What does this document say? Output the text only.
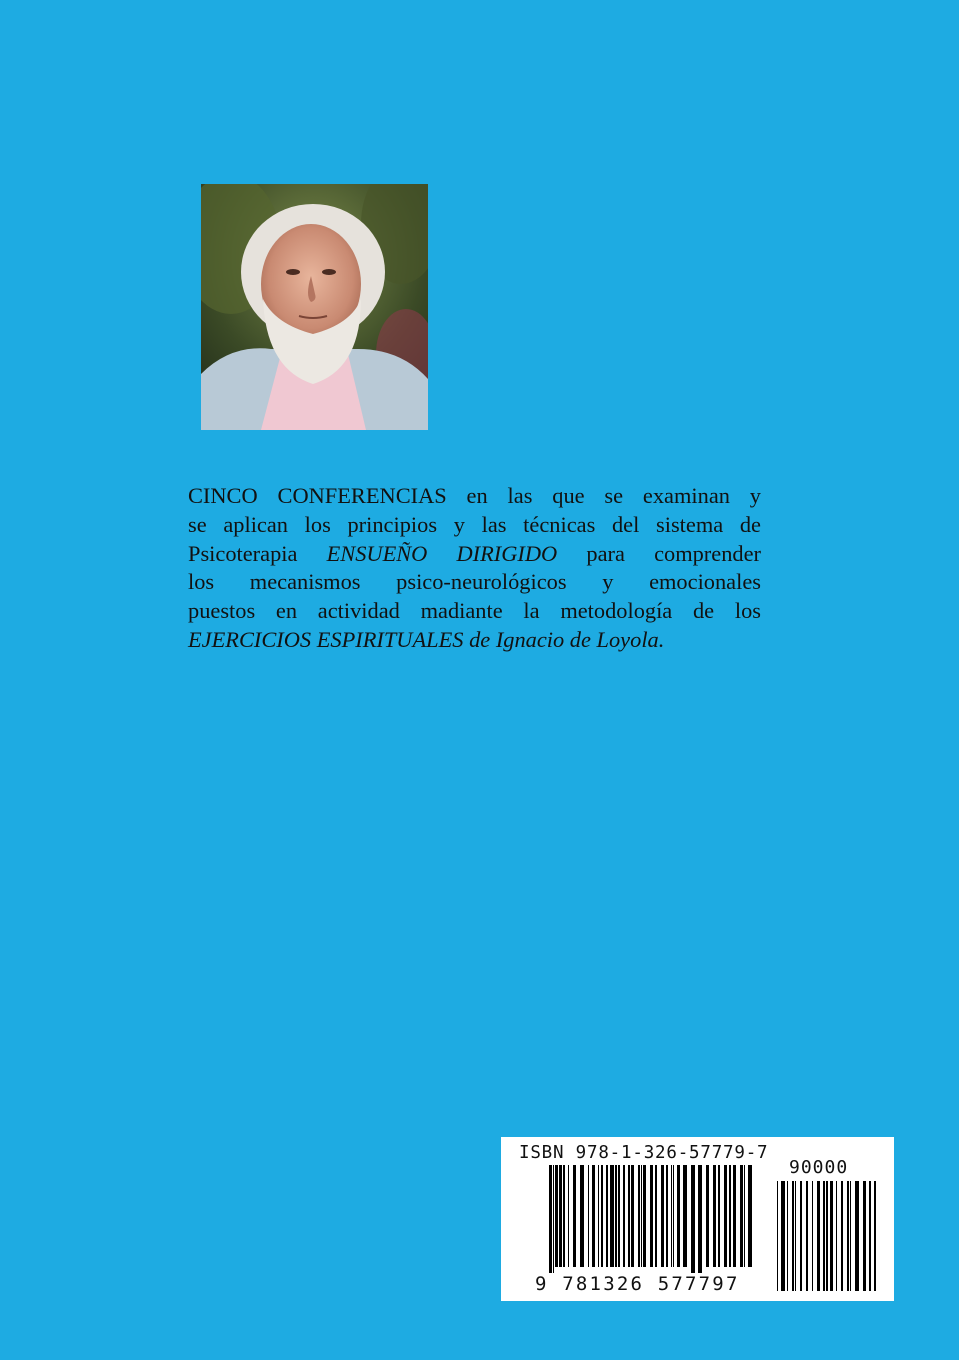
CINCO CONFERENCIAS en las que se examinan y
se aplican los principios y las técnicas del sistema de
Psicoterapia ENSUEÑO DIRIGIDO para comprender
los mecanismos psico-neurológicos y emocionales
puestos en actividad madiante la metodología de los
EJERCICIOS ESPIRITUALES de Ignacio de Loyola.
ISBN 978-1-326-57779-7
90000
9 781326 577797
